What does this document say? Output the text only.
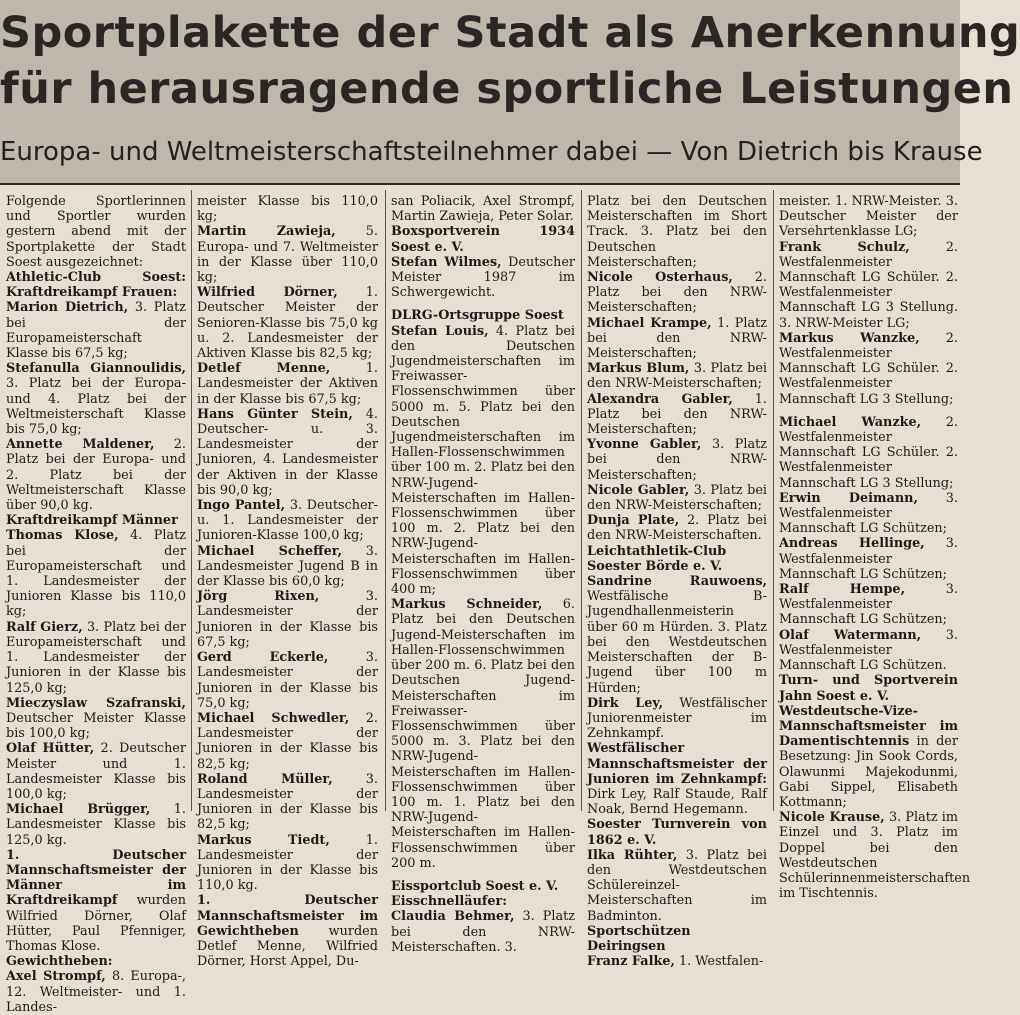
Sportplakette der Stadt als Anerkennung
für herausragende sportliche Leistungen
Europa- und Weltmeisterschaftsteilnehmer dabei — Von Dietrich bis Krause

Folgende Sportlerinnen und Sportler wurden gestern abend mit der Sportplakette der Stadt Soest ausgezeichnet:

Athletic-Club Soest: Kraftdreikampf Frauen:

Marion Dietrich, 3. Platz bei der Europameisterschaft Klasse bis 67,5 kg;

Stefanulla Giannoulidis, 3. Platz bei der Europa- und 4. Platz bei der Weltmeisterschaft Klasse bis 75,0 kg;

Annette Maldener, 2. Platz bei der Europa- und 2. Platz bei der Weltmeisterschaft Klasse über 90,0 kg.

Kraftdreikampf Männer

Thomas Klose, 4. Platz bei der Europameisterschaft und 1. Landesmeister der Junioren Klasse bis 110,0 kg;

Ralf Gierz, 3. Platz bei der Europameisterschaft und 1. Landesmeister der Junioren in der Klasse bis 125,0 kg;

Mieczyslaw Szafranski, Deutscher Meister Klasse bis 100,0 kg;

Olaf Hütter, 2. Deutscher Meister und 1. Landesmeister Klasse bis 100,0 kg;

Michael Brügger, 1. Landesmeister Klasse bis 125,0 kg.

1. Deutscher Mannschaftsmeister der Männer im Kraftdreikampf wurden Wilfried Dörner, Olaf Hütter, Paul Pfenniger, Thomas Klose.

Gewichtheben:

Axel Strompf, 8. Europa-, 12. Weltmeister- und 1. Landes-

meister Klasse bis 110,0 kg;

Martin Zawieja, 5. Europa- und 7. Weltmeister in der Klasse über 110,0 kg;

Wilfried Dörner, 1. Deutscher Meister der Senioren-Klasse bis 75,0 kg u. 2. Landesmeister der Aktiven Klasse bis 82,5 kg;

Detlef Menne, 1. Landesmeister der Aktiven in der Klasse bis 67,5 kg;

Hans Günter Stein, 4. Deutscher- u. 3. Landesmeister der Junioren, 4. Landesmeister der Aktiven in der Klasse bis 90,0 kg;

Ingo Pantel, 3. Deutscher- u. 1. Landesmeister der Junioren-Klasse 100,0 kg;

Michael Scheffer, 3. Landesmeister Jugend B in der Klasse bis 60,0 kg;

Jörg Rixen, 3. Landesmeister der Junioren in der Klasse bis 67,5 kg;

Gerd Eckerle, 3. Landesmeister der Junioren in der Klasse bis 75,0 kg;

Michael Schwedler, 2. Landesmeister der Junioren in der Klasse bis 82,5 kg;

Roland Müller, 3. Landesmeister der Junioren in der Klasse bis 82,5 kg;

Markus Tiedt, 1. Landesmeister der Junioren in der Klasse bis 110,0 kg.

1. Deutscher Mannschaftsmeister im Gewichtheben wurden Detlef Menne, Wilfried Dörner, Horst Appel, Du-

san Poliacik, Axel Strompf, Martin Zawieja, Peter Solar.

Boxsportverein 1934 Soest e. V.

Stefan Wilmes, Deutscher Meister 1987 im Schwergewicht.

DLRG-Ortsgruppe Soest

Stefan Louis, 4. Platz bei den Deutschen Jugendmeisterschaften im Freiwasser-Flossenschwimmen über 5000 m. 5. Platz bei den Deutschen Jugendmeisterschaften im Hallen-Flossenschwimmen über 100 m. 2. Platz bei den NRW-Jugend-Meisterschaften im Hallen-Flossenschwimmen über 100 m. 2. Platz bei den NRW-Jugend-Meisterschaften im Hallen-Flossenschwimmen über 400 m;

Markus Schneider, 6. Platz bei den Deutschen Jugend-Meisterschaften im Hallen-Flossenschwimmen über 200 m. 6. Platz bei den Deutschen Jugend-Meisterschaften im Freiwasser-Flossenschwimmen über 5000 m. 3. Platz bei den NRW-Jugend-Meisterschaften im Hallen-Flossenschwimmen über 100 m. 1. Platz bei den NRW-Jugend-Meisterschaften im Hallen-Flossenschwimmen über 200 m.

Eissportclub Soest e. V.

Eisschnelläufer:

Claudia Behmer, 3. Platz bei den NRW-Meisterschaften. 3.

Platz bei den Deutschen Meisterschaften im Short Track. 3. Platz bei den Deutschen Meisterschaften;

Nicole Osterhaus, 2. Platz bei den NRW-Meisterschaften;

Michael Krampe, 1. Platz bei den NRW-Meisterschaften;

Markus Blum, 3. Platz bei den NRW-Meisterschaften;

Alexandra Gabler, 1. Platz bei den NRW-Meisterschaften;

Yvonne Gabler, 3. Platz bei den NRW-Meisterschaften;

Nicole Gabler, 3. Platz bei den NRW-Meisterschaften;

Dunja Plate, 2. Platz bei den NRW-Meisterschaften.

Leichtathletik-Club Soester Börde e. V.

Sandrine Rauwoens, Westfälische B-Jugendhallenmeisterin über 60 m Hürden. 3. Platz bei den Westdeutschen Meisterschaften der B-Jugend über 100 m Hürden;

Dirk Ley, Westfälischer Juniorenmeister im Zehnkampf.

Westfälischer Mannschaftsmeister der Junioren im Zehnkampf: Dirk Ley, Ralf Staude, Ralf Noak, Bernd Hegemann.

Soester Turnverein von 1862 e. V.

Ilka Rühter, 3. Platz bei den Westdeutschen Schülereinzel-Meisterschaften im Badminton.

Sportschützen Deiringsen

Franz Falke, 1. Westfalen-

meister. 1. NRW-Meister. 3. Deutscher Meister der Versehrtenklasse LG;

Frank Schulz, 2. Westfalenmeister Mannschaft LG Schüler. 2. Westfalenmeister Mannschaft LG 3 Stellung. 3. NRW-Meister LG;

Markus Wanzke, 2. Westfalenmeister Mannschaft LG Schüler. 2. Westfalenmeister Mannschaft LG 3 Stellung;

Michael Wanzke, 2. Westfalenmeister Mannschaft LG Schüler. 2. Westfalenmeister Mannschaft LG 3 Stellung;

Erwin Deimann, 3. Westfalenmeister Mannschaft LG Schützen;

Andreas Hellinge, 3. Westfalenmeister Mannschaft LG Schützen;

Ralf Hempe, 3. Westfalenmeister Mannschaft LG Schützen;

Olaf Watermann, 3. Westfalenmeister Mannschaft LG Schützen.

Turn- und Sportverein Jahn Soest e. V.

Westdeutsche-Vize-Mannschaftsmeister im Damentischtennis in der Besetzung: Jin Sook Cords, Olawunmi Majekodunmi, Gabi Sippel, Elisabeth Kottmann;

Nicole Krause, 3. Platz im Einzel und 3. Platz im Doppel bei den Westdeutschen Schülerinnenmeisterschaften im Tischtennis.
